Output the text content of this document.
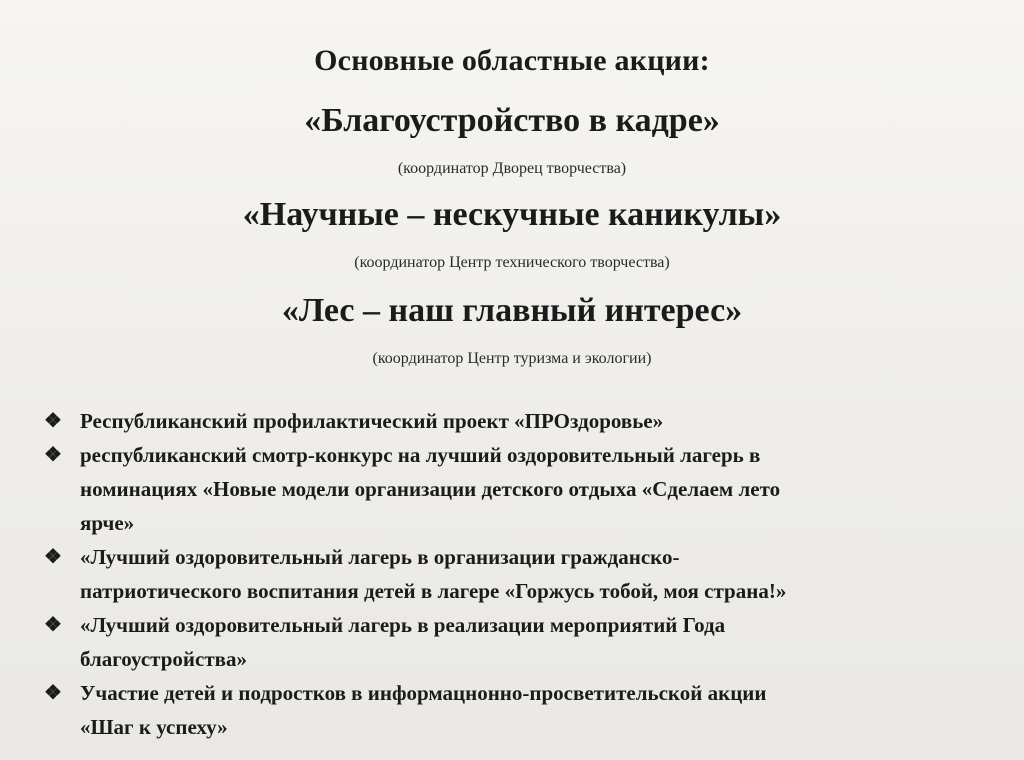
Основные областные акции:
«Благоустройство в кадре»
(координатор Дворец творчества)
«Научные – нескучные каникулы»
(координатор Центр технического творчества)
«Лес – наш главный интерес»
(координатор Центр туризма и экологии)
❖ Республиканский профилактический проект «ПРОздоровье»
❖ республиканский смотр-конкурс на лучший оздоровительный лагерь в
номинациях «Новые модели организации детского отдыха «Сделаем лето
ярче»
❖ «Лучший оздоровительный лагерь в организации гражданско-
патриотического воспитания детей в лагере «Горжусь тобой, моя страна!»
❖ «Лучший оздоровительный лагерь в реализации мероприятий Года
благоустройства»
❖ Участие детей и подростков в информацнонно-просветительской акции
«Шаг к успеху»
